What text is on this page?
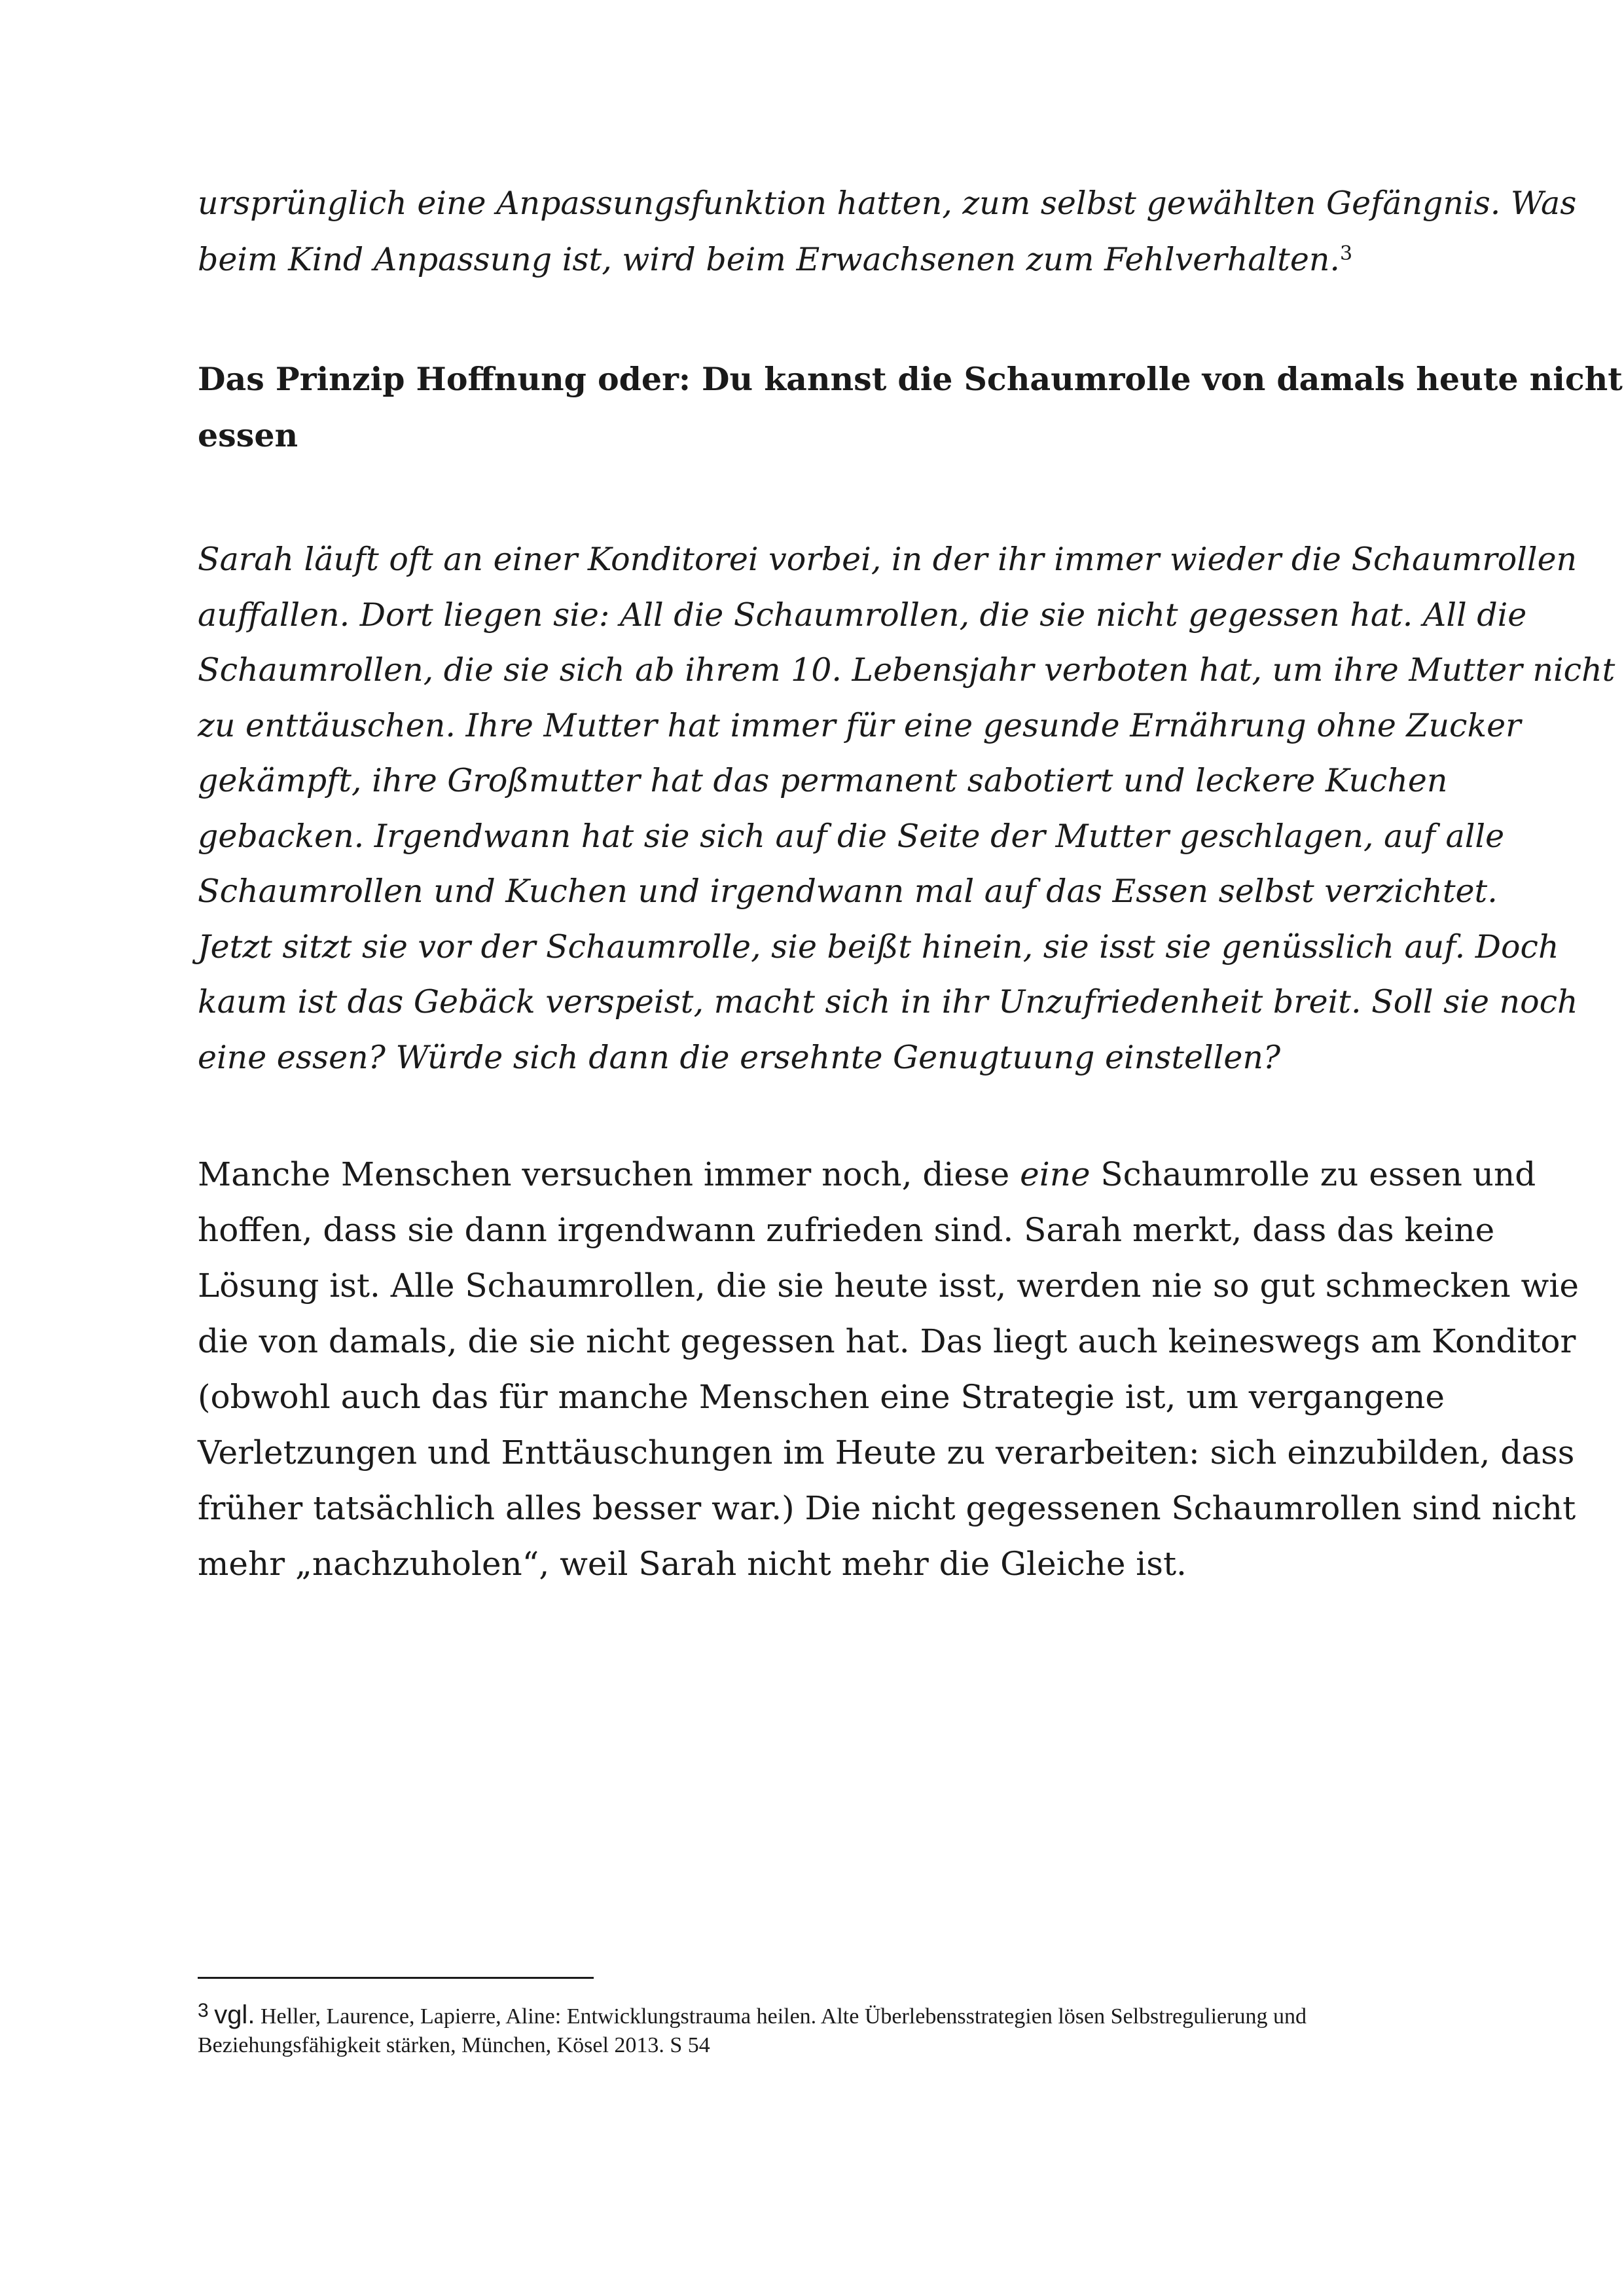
ursprünglich eine Anpassungsfunktion hatten, zum selbst gewählten Gefängnis. Was
beim Kind Anpassung ist, wird beim Erwachsenen zum Fehlverhalten.$^3$
Das Prinzip Hoffnung oder: Du kannst die Schaumrolle von damals heute nicht
essen
Sarah läuft oft an einer Konditorei vorbei, in der ihr immer wieder die Schaumrollen
auffallen. Dort liegen sie: All die Schaumrollen, die sie nicht gegessen hat. All die
Schaumrollen, die sie sich ab ihrem 10. Lebensjahr verboten hat, um ihre Mutter nicht
zu enttäuschen. Ihre Mutter hat immer für eine gesunde Ernährung ohne Zucker
gekämpft, ihre Großmutter hat das permanent sabotiert und leckere Kuchen
gebacken. Irgendwann hat sie sich auf die Seite der Mutter geschlagen, auf alle
Schaumrollen und Kuchen und irgendwann mal auf das Essen selbst verzichtet.
Jetzt sitzt sie vor der Schaumrolle, sie beißt hinein, sie isst sie genüsslich auf. Doch
kaum ist das Gebäck verspeist, macht sich in ihr Unzufriedenheit breit. Soll sie noch
eine essen? Würde sich dann die ersehnte Genugtuung einstellen?
Manche Menschen versuchen immer noch, diese eine Schaumrolle zu essen und
hoffen, dass sie dann irgendwann zufrieden sind. Sarah merkt, dass das keine
Lösung ist. Alle Schaumrollen, die sie heute isst, werden nie so gut schmecken wie
die von damals, die sie nicht gegessen hat. Das liegt auch keineswegs am Konditor
(obwohl auch das für manche Menschen eine Strategie ist, um vergangene
Verletzungen und Enttäuschungen im Heute zu verarbeiten: sich einzubilden, dass
früher tatsächlich alles besser war.) Die nicht gegessenen Schaumrollen sind nicht
mehr „nachzuholen“, weil Sarah nicht mehr die Gleiche ist.
3 vgl. Heller, Laurence, Lapierre, Aline: Entwicklungstrauma heilen. Alte Überlebensstrategien lösen Selbstregulierung und
Beziehungsfähigkeit stärken, München, Kösel 2013. S 54
